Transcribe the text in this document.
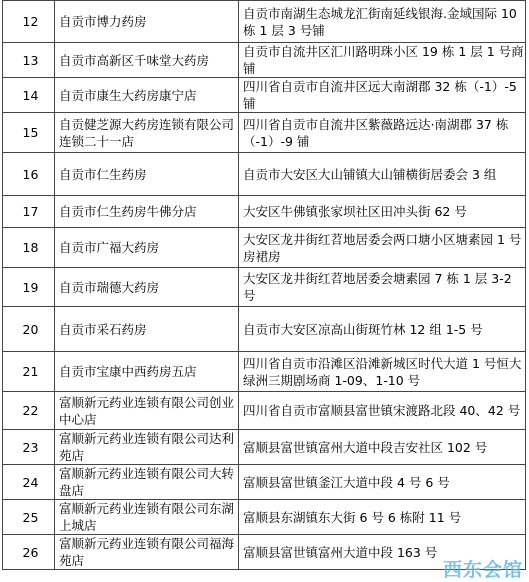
12	自贡市博力药房	自贡市南湖生态城龙汇街南延线银海.金域国际 10 栋 1 层 3 号铺
13	自贡市高新区千味堂大药房	自贡市自流井区汇川路明珠小区 19 栋 1 层 1 号商铺
14	自贡市康生大药房康宁店	四川省自贡市自流井区远大南湖郡 32 栋（-1）-5 铺
15	自贡健芝源大药房连锁有限公司连锁二十一店	四川省自贡市自流井区紫薇路远达·南湖郡 37 栋（-1）-9 铺
16	自贡市仁生药房	自贡市大安区大山铺镇大山铺横街居委会 3 组
17	自贡市仁生药房牛佛分店	大安区牛佛镇张家坝社区田冲头街 62 号
18	自贡市广福大药房	大安区龙井街红苕地居委会两口塘小区塘素园 1 号房裙房
19	自贡市瑞德大药房	大安区龙井街红苕地居委会塘素园 7 栋 1 层 3-2 号
20	自贡市采石药房	自贡市大安区凉高山街斑竹林 12 组 1-5 号
21	自贡市宝康中西药房五店	四川省自贡市沿滩区沿滩新城区时代大道 1 号恒大绿洲三期剧场商 1-09、1-10 号
22	富顺新元药业连锁有限公司创业中心店	四川省自贡市富顺县富世镇宋渡路北段 40、42 号
23	富顺新元药业连锁有限公司达利苑店	富顺县富世镇富州大道中段吉安社区 102 号
24	富顺新元药业连锁有限公司大转盘店	富顺县富世镇釜江大道中段 4 号 6 号
25	富顺新元药业连锁有限公司东湖上城店	富顺县东湖镇东大街 6 号 6 栋附 11 号
26	富顺新元药业连锁有限公司福海苑店	富顺县富世镇富州大道中段 163 号
西东会馆
